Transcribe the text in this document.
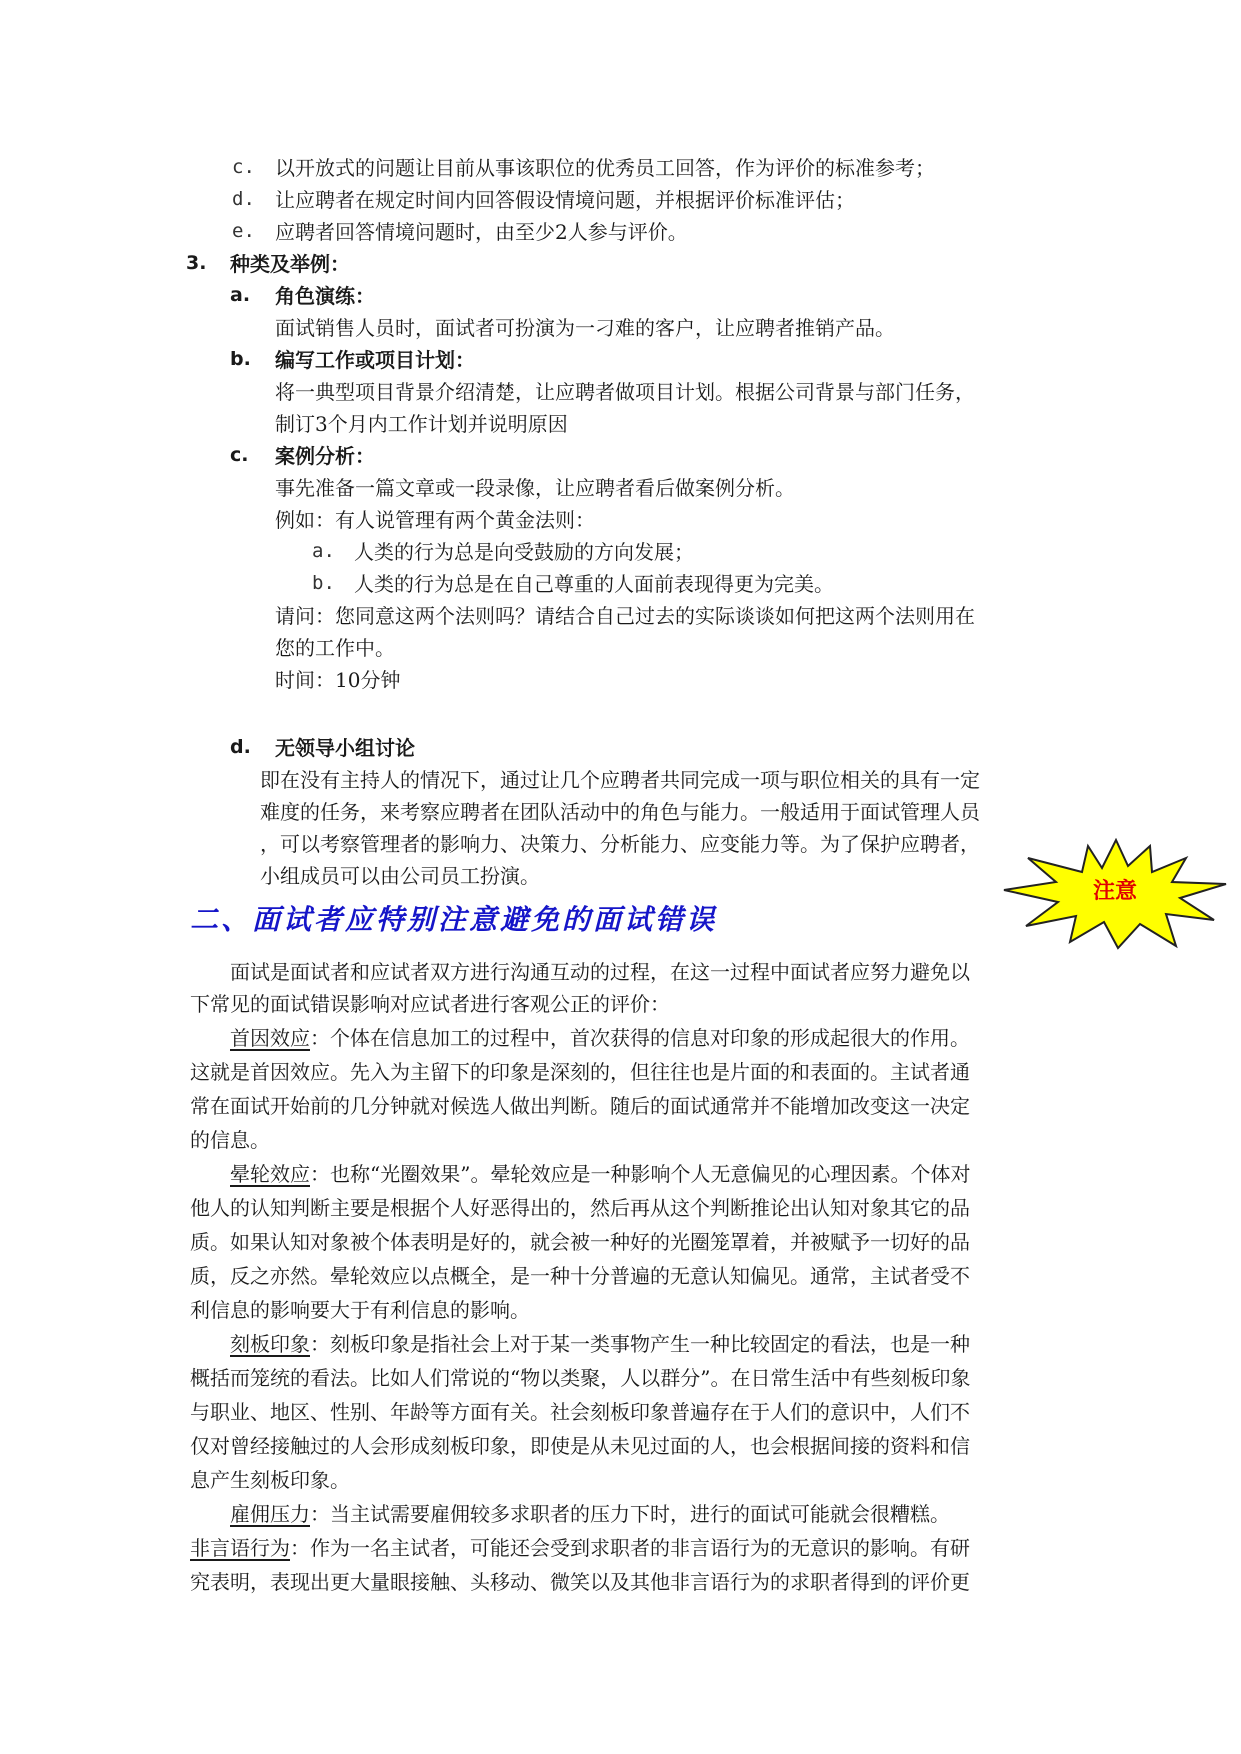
c. 以开放式的问题让目前从事该职位的优秀员工回答，作为评价的标准参考；
d. 让应聘者在规定时间内回答假设情境问题，并根据评价标准评估；
e. 应聘者回答情境问题时，由至少2人参与评价。
3. 种类及举例：
a. 角色演练：
面试销售人员时，面试者可扮演为一刁难的客户，让应聘者推销产品。
b. 编写工作或项目计划：
将一典型项目背景介绍清楚，让应聘者做项目计划。根据公司背景与部门任务，
制订3个月内工作计划并说明原因
c. 案例分析：
事先准备一篇文章或一段录像，让应聘者看后做案例分析。
例如：有人说管理有两个黄金法则：
a. 人类的行为总是向受鼓励的方向发展；
b. 人类的行为总是在自己尊重的人面前表现得更为完美。
请问：您同意这两个法则吗？请结合自己过去的实际谈谈如何把这两个法则用在
您的工作中。
时间：10分钟
d. 无领导小组讨论
即在没有主持人的情况下，通过让几个应聘者共同完成一项与职位相关的具有一定
难度的任务，来考察应聘者在团队活动中的角色与能力。一般适用于面试管理人员
，可以考察管理者的影响力、决策力、分析能力、应变能力等。为了保护应聘者，
小组成员可以由公司员工扮演。
注意
二、面试者应特别注意避免的面试错误
面试是面试者和应试者双方进行沟通互动的过程，在这一过程中面试者应努力避免以
下常见的面试错误影响对应试者进行客观公正的评价：
首因效应：个体在信息加工的过程中，首次获得的信息对印象的形成起很大的作用。
这就是首因效应。先入为主留下的印象是深刻的，但往往也是片面的和表面的。主试者通
常在面试开始前的几分钟就对候选人做出判断。随后的面试通常并不能增加改变这一决定
的信息。
晕轮效应：也称“光圈效果”。晕轮效应是一种影响个人无意偏见的心理因素。个体对
他人的认知判断主要是根据个人好恶得出的，然后再从这个判断推论出认知对象其它的品
质。如果认知对象被个体表明是好的，就会被一种好的光圈笼罩着，并被赋予一切好的品
质，反之亦然。晕轮效应以点概全，是一种十分普遍的无意认知偏见。通常，主试者受不
利信息的影响要大于有利信息的影响。
刻板印象：刻板印象是指社会上对于某一类事物产生一种比较固定的看法，也是一种
概括而笼统的看法。比如人们常说的“物以类聚，人以群分”。在日常生活中有些刻板印象
与职业、地区、性别、年龄等方面有关。社会刻板印象普遍存在于人们的意识中，人们不
仅对曾经接触过的人会形成刻板印象，即使是从未见过面的人，也会根据间接的资料和信
息产生刻板印象。
雇佣压力：当主试需要雇佣较多求职者的压力下时，进行的面试可能就会很糟糕。
非言语行为：作为一名主试者，可能还会受到求职者的非言语行为的无意识的影响。有研
究表明，表现出更大量眼接触、头移动、微笑以及其他非言语行为的求职者得到的评价更
